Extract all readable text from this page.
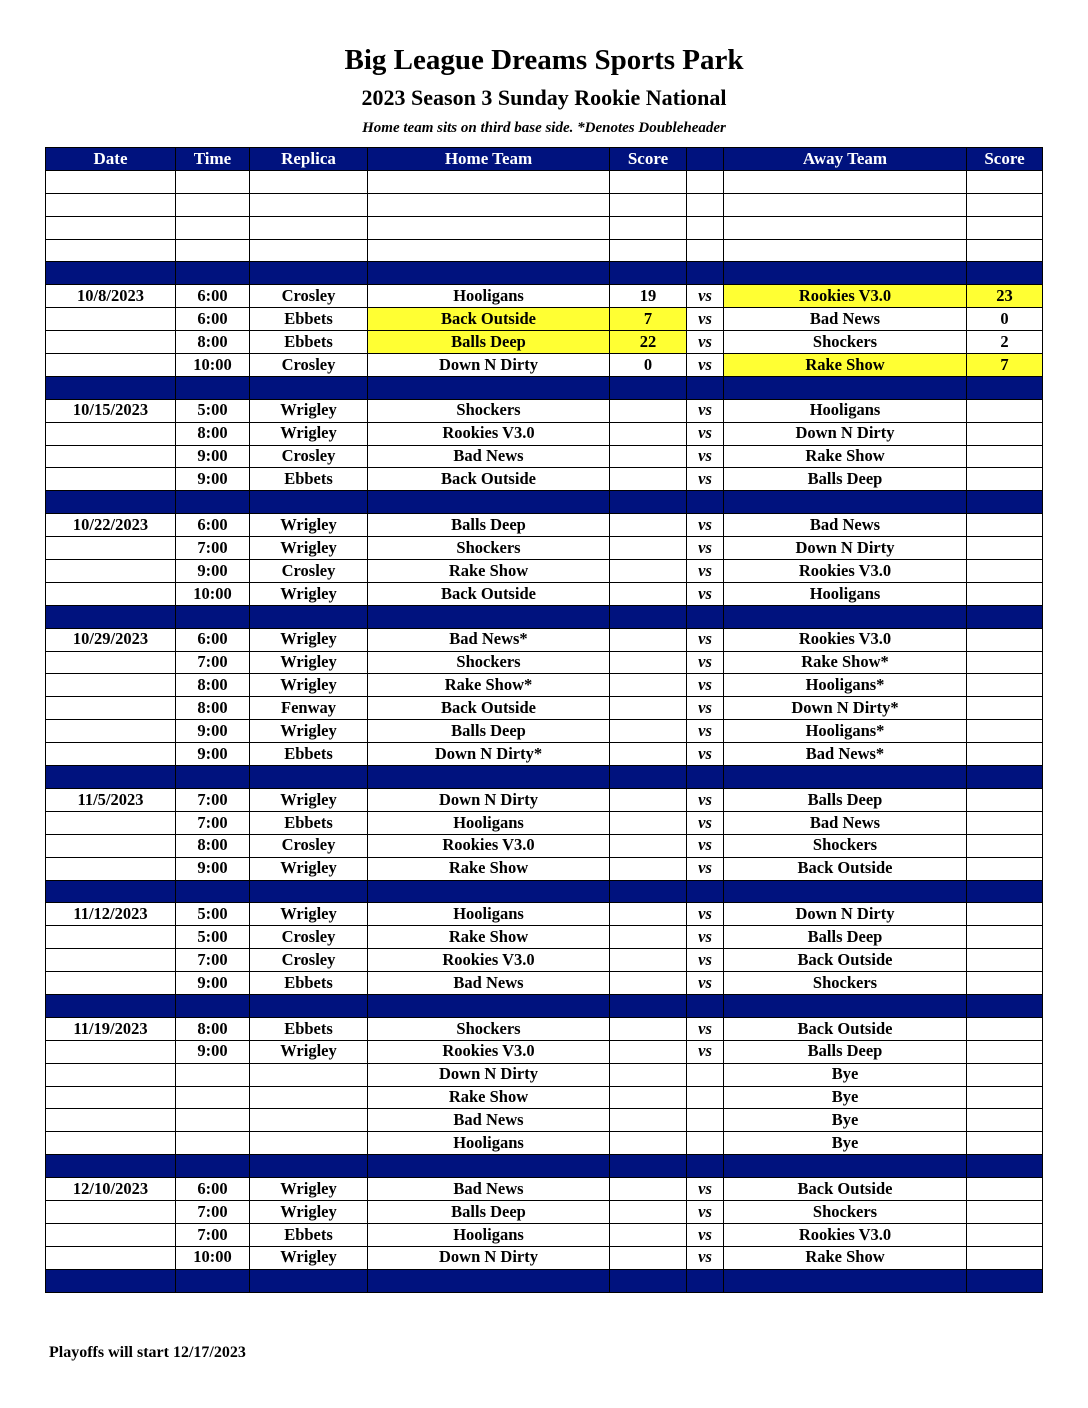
Big League Dreams Sports Park
2023 Season 3 Sunday Rookie National
Home team sits on third base side. *Denotes Doubleheader
Date	Time	Replica	Home Team	Score		Away Team	Score

10/8/2023	6:00	Crosley	Hooligans	19	vs	Rookies V3.0	23
	6:00	Ebbets	Back Outside	7	vs	Bad News	0
	8:00	Ebbets	Balls Deep	22	vs	Shockers	2
	10:00	Crosley	Down N Dirty	0	vs	Rake Show	7

10/15/2023	5:00	Wrigley	Shockers		vs	Hooligans	
	8:00	Wrigley	Rookies V3.0		vs	Down N Dirty	
	9:00	Crosley	Bad News		vs	Rake Show	
	9:00	Ebbets	Back Outside		vs	Balls Deep	

10/22/2023	6:00	Wrigley	Balls Deep		vs	Bad News	
	7:00	Wrigley	Shockers		vs	Down N Dirty	
	9:00	Crosley	Rake Show		vs	Rookies V3.0	
	10:00	Wrigley	Back Outside		vs	Hooligans	

10/29/2023	6:00	Wrigley	Bad News*		vs	Rookies V3.0	
	7:00	Wrigley	Shockers		vs	Rake Show*	
	8:00	Wrigley	Rake Show*		vs	Hooligans*	
	8:00	Fenway	Back Outside		vs	Down N Dirty*	
	9:00	Wrigley	Balls Deep		vs	Hooligans*	
	9:00	Ebbets	Down N Dirty*		vs	Bad News*	

11/5/2023	7:00	Wrigley	Down N Dirty		vs	Balls Deep	
	7:00	Ebbets	Hooligans		vs	Bad News	
	8:00	Crosley	Rookies V3.0		vs	Shockers	
	9:00	Wrigley	Rake Show		vs	Back Outside	

11/12/2023	5:00	Wrigley	Hooligans		vs	Down N Dirty	
	5:00	Crosley	Rake Show		vs	Balls Deep	
	7:00	Crosley	Rookies V3.0		vs	Back Outside	
	9:00	Ebbets	Bad News		vs	Shockers	

11/19/2023	8:00	Ebbets	Shockers		vs	Back Outside	
	9:00	Wrigley	Rookies V3.0		vs	Balls Deep	
			Down N Dirty			Bye	
			Rake Show			Bye	
			Bad News			Bye	
			Hooligans			Bye	

12/10/2023	6:00	Wrigley	Bad News		vs	Back Outside	
	7:00	Wrigley	Balls Deep		vs	Shockers	
	7:00	Ebbets	Hooligans		vs	Rookies V3.0	
	10:00	Wrigley	Down N Dirty		vs	Rake Show	

Playoffs will start 12/17/2023
